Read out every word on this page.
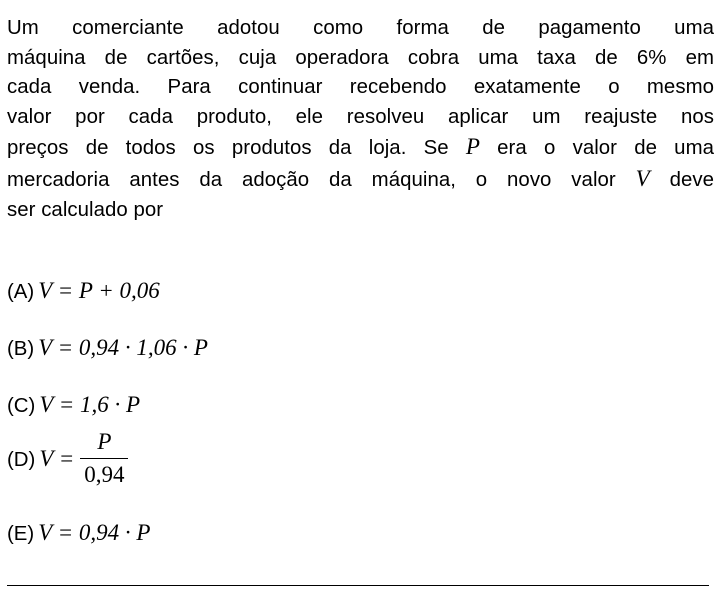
Um comerciante adotou como forma de pagamento uma
máquina de cartões, cuja operadora cobra uma taxa de 6% em
cada venda. Para continuar recebendo exatamente o mesmo
valor por cada produto, ele resolveu aplicar um reajuste nos
preços de todos os produtos da loja. Se P era o valor de uma
mercadoria antes da adoção da máquina, o novo valor V deve
ser calculado por
(A) V = P + 0,06
(B) V = 0,94 · 1,06 · P
(C) V = 1,6 · P
(D) $V = \frac{P}{0,94}$
(E) V = 0,94 · P
